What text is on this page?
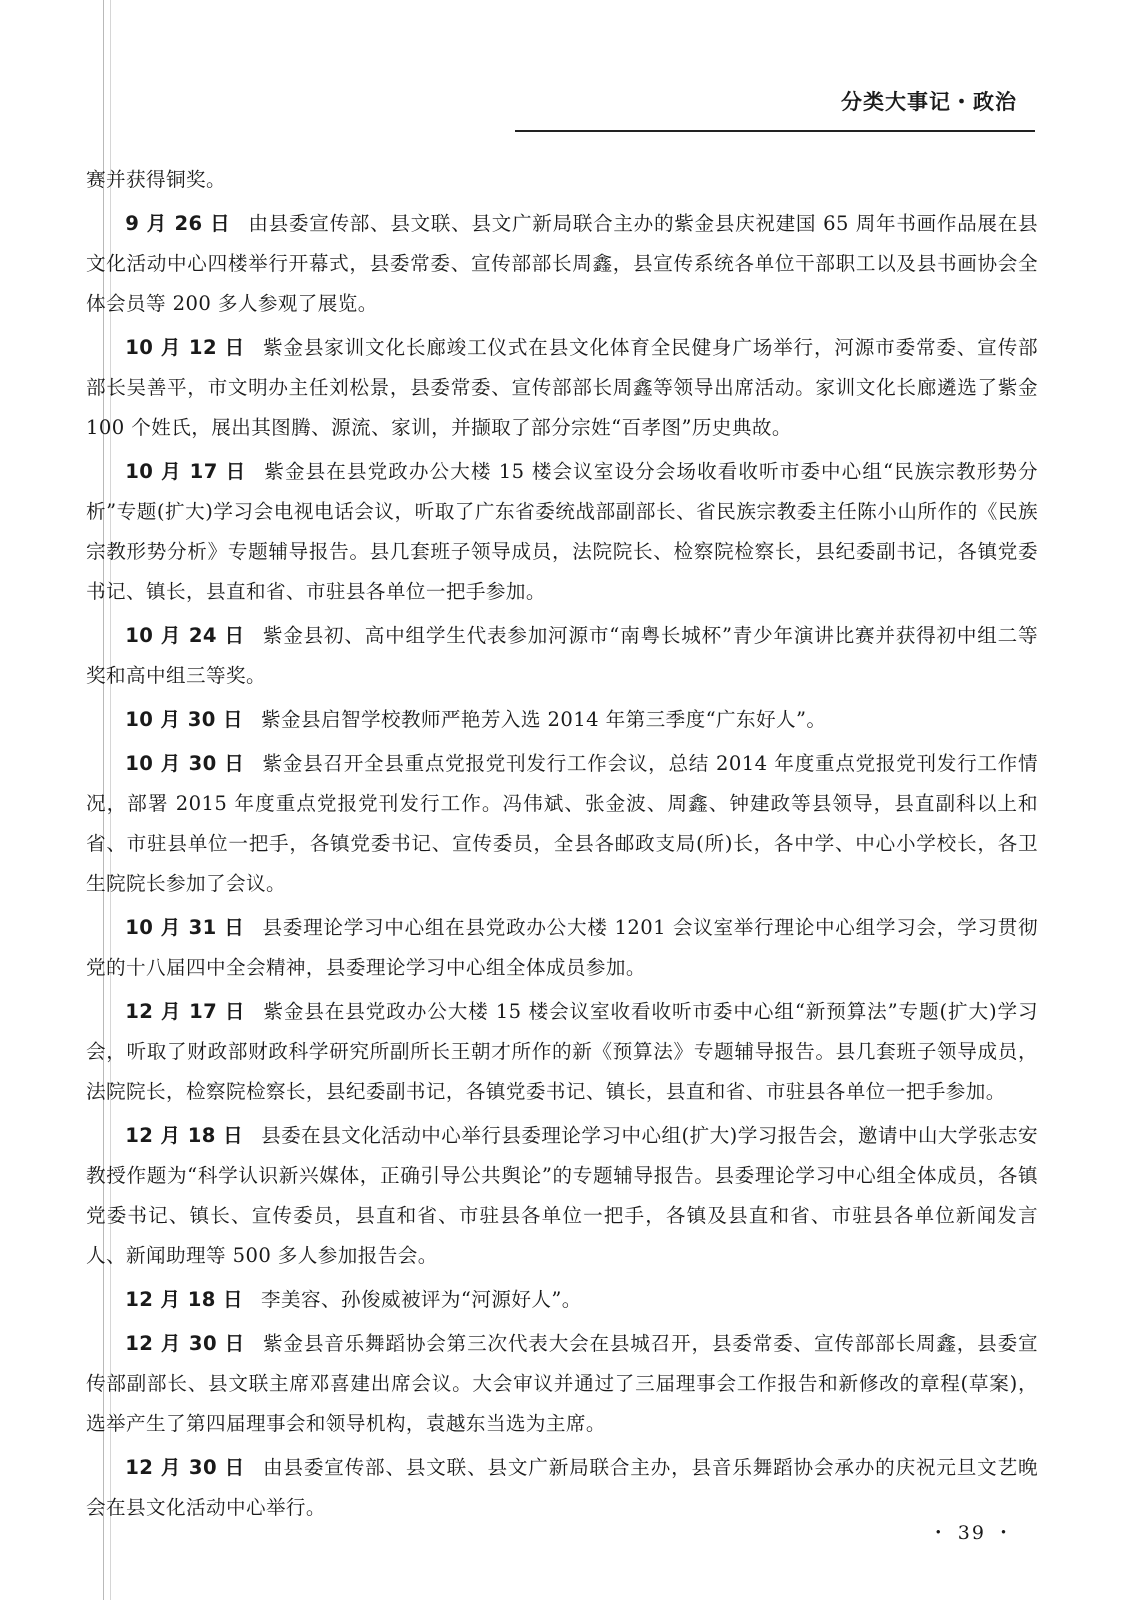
分类大事记・政治

赛并获得铜奖。

9 月 26 日 由县委宣传部、县文联、县文广新局联合主办的紫金县庆祝建国 65 周年书画作品展在县文化活动中心四楼举行开幕式，县委常委、宣传部部长周鑫，县宣传系统各单位干部职工以及县书画协会全体会员等 200 多人参观了展览。

10 月 12 日 紫金县家训文化长廊竣工仪式在县文化体育全民健身广场举行，河源市委常委、宣传部部长吴善平，市文明办主任刘松景，县委常委、宣传部部长周鑫等领导出席活动。家训文化长廊遴选了紫金 100 个姓氏，展出其图腾、源流、家训，并撷取了部分宗姓“百孝图”历史典故。

10 月 17 日 紫金县在县党政办公大楼 15 楼会议室设分会场收看收听市委中心组“民族宗教形势分析”专题(扩大)学习会电视电话会议，听取了广东省委统战部副部长、省民族宗教委主任陈小山所作的《民族宗教形势分析》专题辅导报告。县几套班子领导成员，法院院长、检察院检察长，县纪委副书记，各镇党委书记、镇长，县直和省、市驻县各单位一把手参加。

10 月 24 日 紫金县初、高中组学生代表参加河源市“南粤长城杯”青少年演讲比赛并获得初中组二等奖和高中组三等奖。

10 月 30 日 紫金县启智学校教师严艳芳入选 2014 年第三季度“广东好人”。

10 月 30 日 紫金县召开全县重点党报党刊发行工作会议，总结 2014 年度重点党报党刊发行工作情况，部署 2015 年度重点党报党刊发行工作。冯伟斌、张金波、周鑫、钟建政等县领导，县直副科以上和省、市驻县单位一把手，各镇党委书记、宣传委员，全县各邮政支局(所)长，各中学、中心小学校长，各卫生院院长参加了会议。

10 月 31 日 县委理论学习中心组在县党政办公大楼 1201 会议室举行理论中心组学习会，学习贯彻党的十八届四中全会精神，县委理论学习中心组全体成员参加。

12 月 17 日 紫金县在县党政办公大楼 15 楼会议室收看收听市委中心组“新预算法”专题(扩大)学习会，听取了财政部财政科学研究所副所长王朝才所作的新《预算法》专题辅导报告。县几套班子领导成员，法院院长，检察院检察长，县纪委副书记，各镇党委书记、镇长，县直和省、市驻县各单位一把手参加。

12 月 18 日 县委在县文化活动中心举行县委理论学习中心组(扩大)学习报告会，邀请中山大学张志安教授作题为“科学认识新兴媒体，正确引导公共舆论”的专题辅导报告。县委理论学习中心组全体成员，各镇党委书记、镇长、宣传委员，县直和省、市驻县各单位一把手，各镇及县直和省、市驻县各单位新闻发言人、新闻助理等 500 多人参加报告会。

12 月 18 日 李美容、孙俊威被评为“河源好人”。

12 月 30 日 紫金县音乐舞蹈协会第三次代表大会在县城召开，县委常委、宣传部部长周鑫，县委宣传部副部长、县文联主席邓喜建出席会议。大会审议并通过了三届理事会工作报告和新修改的章程(草案)，选举产生了第四届理事会和领导机构，袁越东当选为主席。

12 月 30 日 由县委宣传部、县文联、县文广新局联合主办，县音乐舞蹈协会承办的庆祝元旦文艺晚会在县文化活动中心举行。

・ 39 ・
